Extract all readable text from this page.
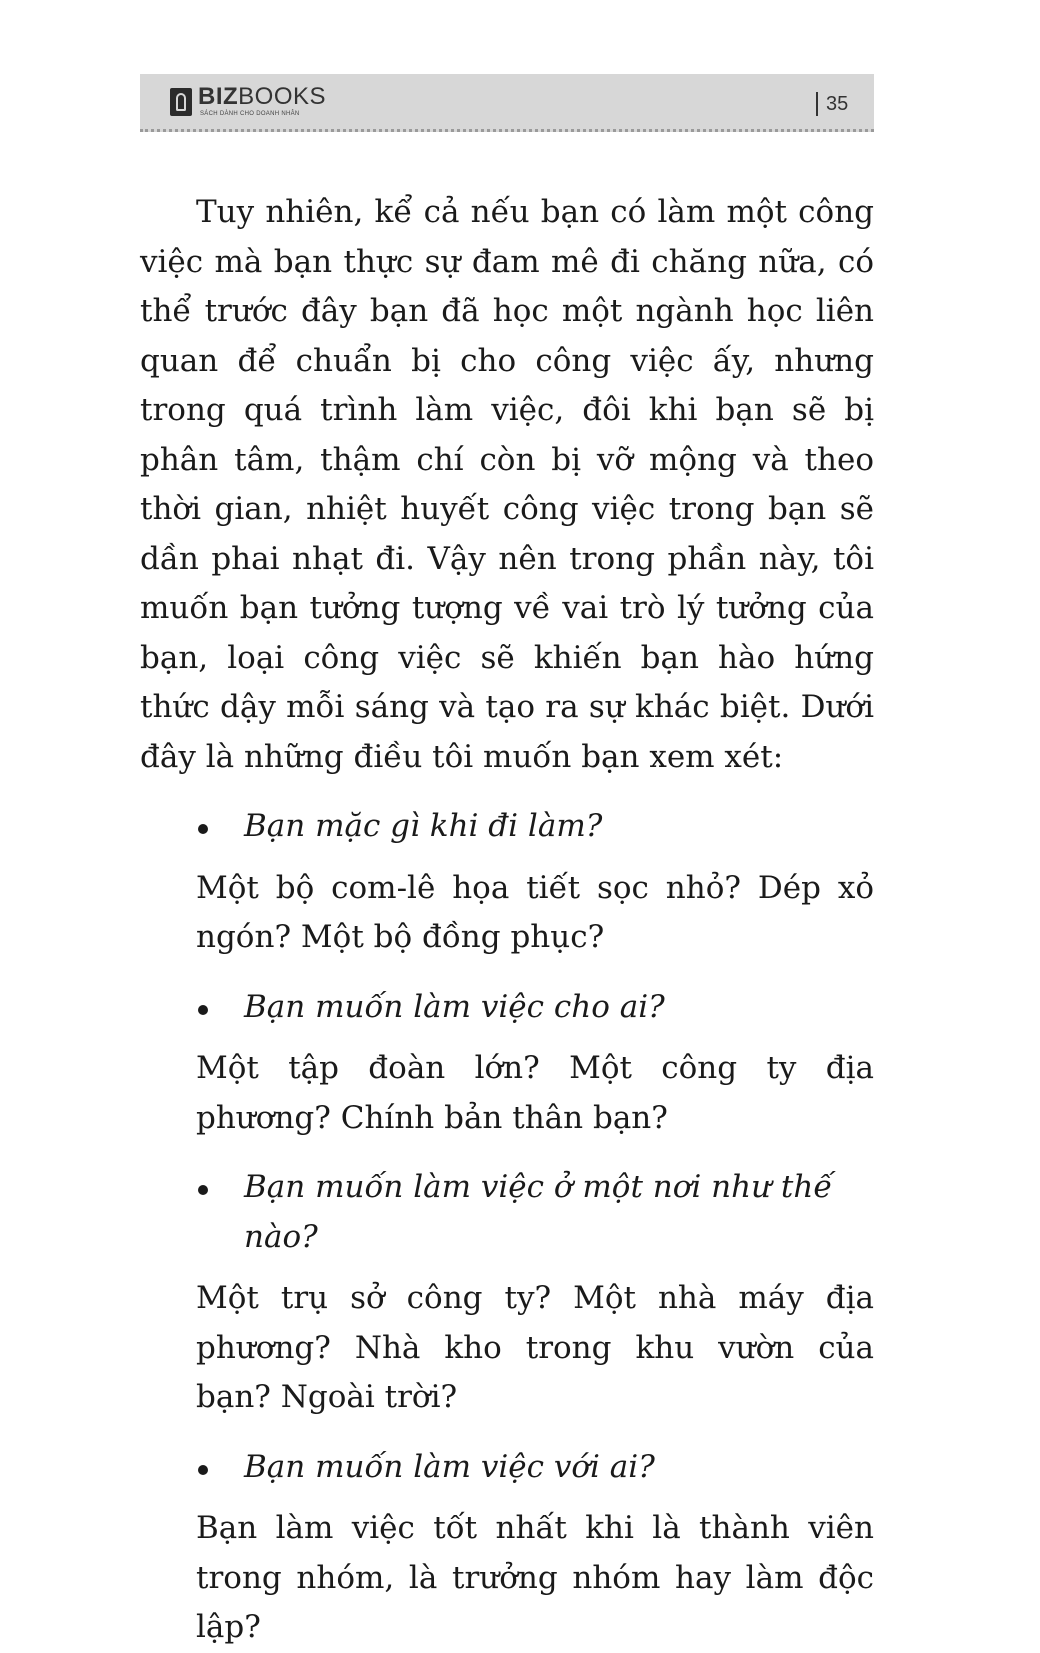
BIZBOOKS
SÁCH DÀNH CHO DOANH NHÂN	35

Tuy nhiên, kể cả nếu bạn có làm một công việc mà bạn thực sự đam mê đi chăng nữa, có thể trước đây bạn đã học một ngành học liên quan để chuẩn bị cho công việc ấy, nhưng trong quá trình làm việc, đôi khi bạn sẽ bị phân tâm, thậm chí còn bị vỡ mộng và theo thời gian, nhiệt huyết công việc trong bạn sẽ dần phai nhạt đi. Vậy nên trong phần này, tôi muốn bạn tưởng tượng về vai trò lý tưởng của bạn, loại công việc sẽ khiến bạn hào hứng thức dậy mỗi sáng và tạo ra sự khác biệt. Dưới đây là những điều tôi muốn bạn xem xét:

Bạn mặc gì khi đi làm?

Một bộ com-lê họa tiết sọc nhỏ? Dép xỏ ngón? Một bộ đồng phục?

Bạn muốn làm việc cho ai?

Một tập đoàn lớn? Một công ty địa phương? Chính bản thân bạn?

Bạn muốn làm việc ở một nơi như thế nào?

Một trụ sở công ty? Một nhà máy địa phương? Nhà kho trong khu vườn của bạn? Ngoài trời?

Bạn muốn làm việc với ai?

Bạn làm việc tốt nhất khi là thành viên trong nhóm, là trưởng nhóm hay làm độc lập?
